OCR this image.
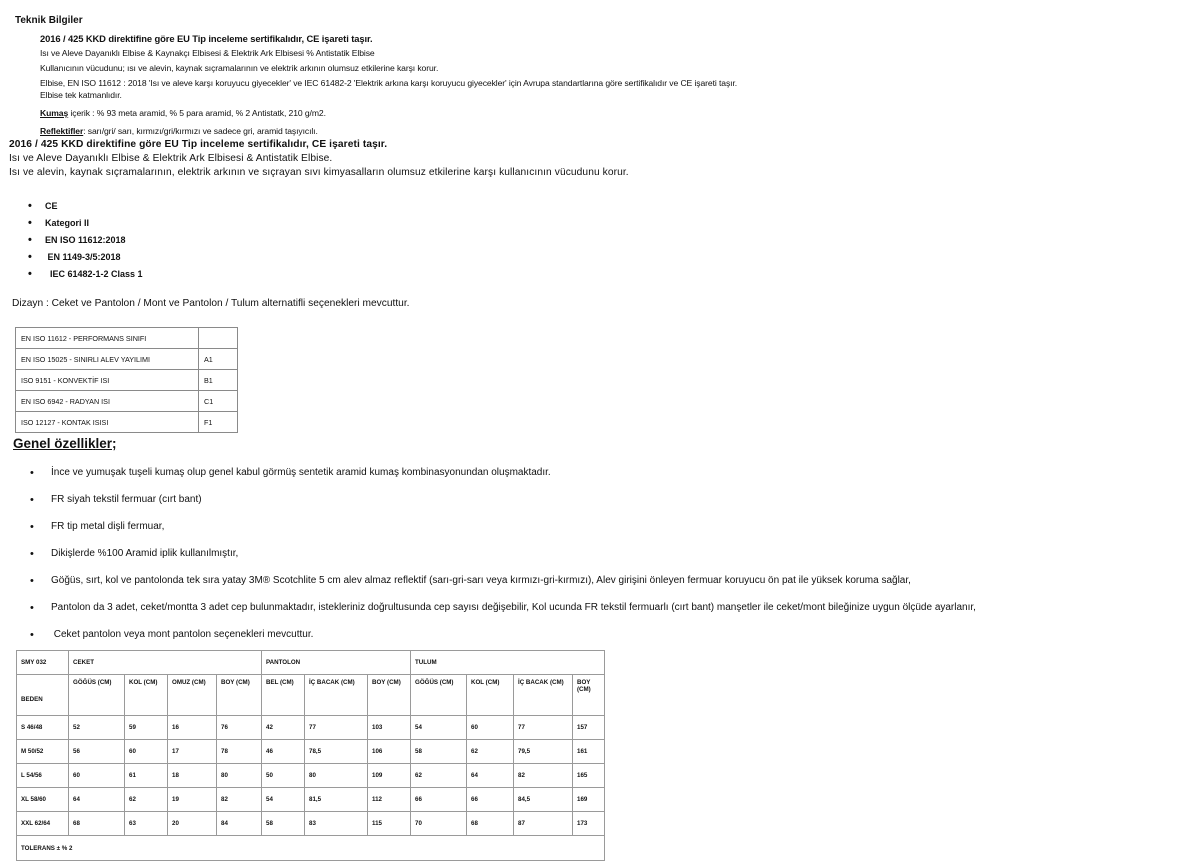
Teknik Bilgiler
2016 / 425 KKD direktifine göre EU Tip inceleme sertifikalıdır, CE işareti taşır.
Isı ve Aleve Dayanıklı Elbise & Kaynakçı Elbisesi & Elektrik Ark Elbisesi % Antistatik Elbise
Kullanıcının vücudunu; ısı ve alevin, kaynak sıçramalarının ve elektrik arkının olumsuz etkilerine karşı korur.
Elbise, EN ISO 11612 : 2018 'Isı ve aleve karşı koruyucu giyecekler' ve IEC 61482-2 'Elektrik arkına karşı koruyucu giyecekler' için Avrupa standartlarına göre sertifikalıdır ve CE işareti taşır.
Elbise tek katmanlıdır.
Kumaş içerik : % 93 meta aramid, % 5 para aramid, % 2 Antistatk, 210 g/m2.
Reflektifler: sarı/gri/ sarı, kırmızı/gri/kırmızı ve sadece gri, aramid taşıyıcılı.
2016 / 425 KKD direktifine göre EU Tip inceleme sertifikalıdır, CE işareti taşır.
Isı ve Aleve Dayanıklı Elbise & Elektrik Ark Elbisesi & Antistatik Elbise.
Isı ve alevin, kaynak sıçramalarının, elektrik arkının ve sıçrayan sıvı kimyasalların olumsuz etkilerine karşı kullanıcının vücudunu korur.
• CE
• Kategori II
• EN ISO 11612:2018
•  EN 1149-3/5:2018
•   IEC 61482-1-2 Class 1
Dizayn : Ceket ve Pantolon / Mont ve Pantolon / Tulum alternatifli seçenekleri mevcuttur.
EN ISO 11612 - PERFORMANS SINIFI	
EN ISO 15025 - SINIRLI ALEV YAYILIMI	A1
ISO 9151 - KONVEKTİF ISI	B1
EN ISO 6942 - RADYAN ISI	C1
ISO 12127 - KONTAK ISISI	F1
Genel özellikler;
• İnce ve yumuşak tuşeli kumaş olup genel kabul görmüş sentetik aramid kumaş kombinasyonundan oluşmaktadır.
• FR siyah tekstil fermuar (cırt bant)
• FR tip metal dişli fermuar,
• Dikişlerde %100 Aramid iplik kullanılmıştır,
• Göğüs, sırt, kol ve pantolonda tek sıra yatay 3M® Scotchlite 5 cm alev almaz reflektif (sarı-gri-sarı veya kırmızı-gri-kırmızı), Alev girişini önleyen fermuar koruyucu ön pat ile yüksek koruma sağlar,
• Pantolon da 3 adet, ceket/montta 3 adet cep bulunmaktadır, istekleriniz doğrultusunda cep sayısı değişebilir, Kol ucunda FR tekstil fermuarlı (cırt bant) manşetler ile ceket/mont bileğinize uygun ölçüde ayarlanır,
•  Ceket pantolon veya mont pantolon seçenekleri mevcuttur.
SMY 032	CEKET				PANTOLON			TULUM			
BEDEN	GÖĞÜS (CM)	KOL (CM)	OMUZ (CM)	BOY (CM)	BEL (CM)	İÇ BACAK (CM)	BOY (CM)	GÖĞÜS (CM)	KOL (CM)	İÇ BACAK (CM)	BOY (CM)
S 46/48	52	59	16	76	42	77	103	54	60	77	157
M 50/52	56	60	17	78	46	78,5	106	58	62	79,5	161
L 54/56	60	61	18	80	50	80	109	62	64	82	165
XL 58/60	64	62	19	82	54	81,5	112	66	66	84,5	169
XXL 62/64	68	63	20	84	58	83	115	70	68	87	173
TOLERANS ± % 2											
